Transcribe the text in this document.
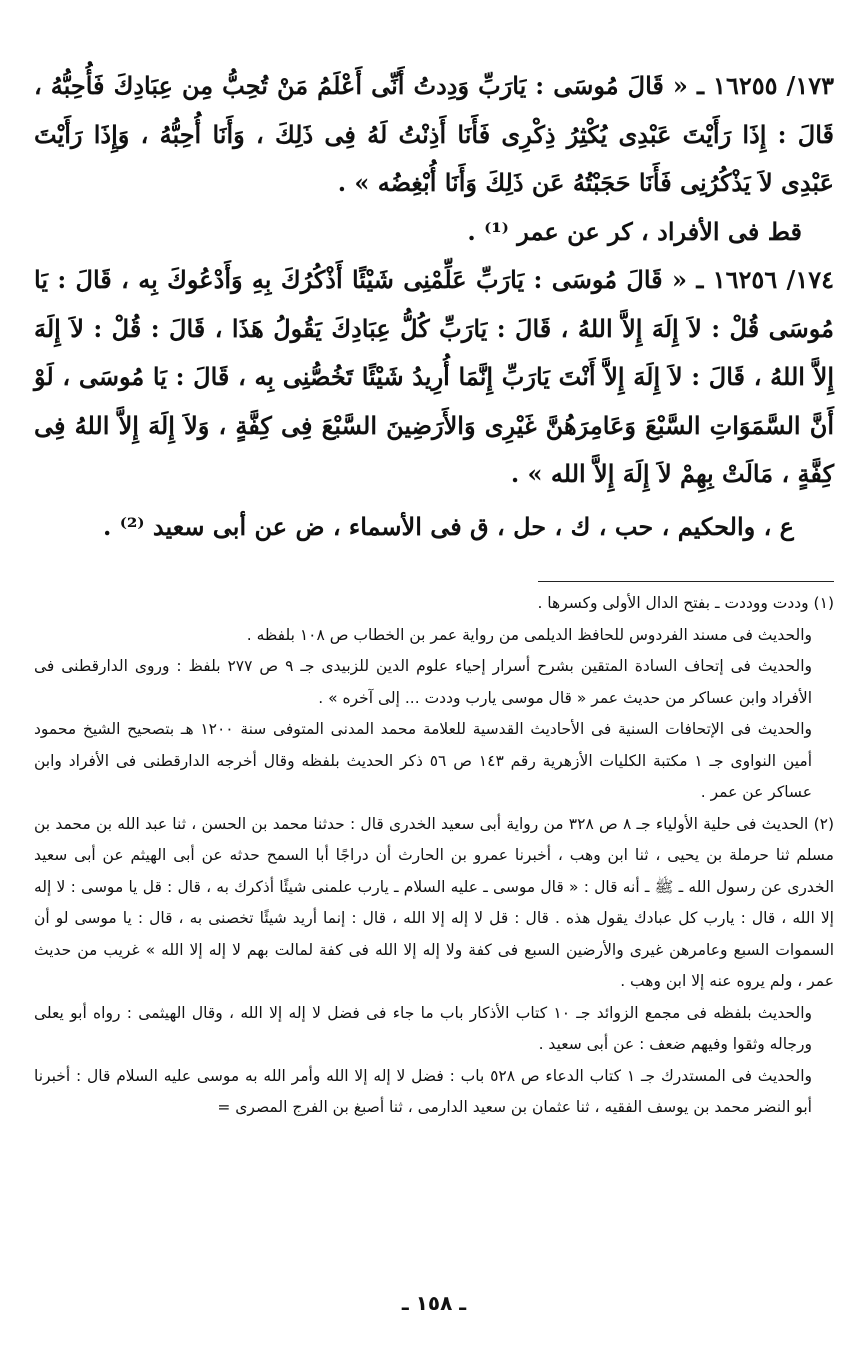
١٧٣/ ١٦٢٥٥ ـ « قَالَ مُوسَى : يَارَبِّ وَدِدتُ أَنِّى أَعْلَمُ مَنْ تُحِبُّ مِن عِبَادِكَ فَأُحِبُّهُ ، قَالَ : إِذَا رَأَيْتَ عَبْدِى يُكْثِرُ ذِكْرِى فَأَنَا أَذِنْتُ لَهُ فِى ذَلِكَ ، وَأَنَا أُحِبُّهُ ، وَإِذَا رَأَيْتَ عَبْدِى لاَ يَذْكُرُنِى فَأَنَا حَجَبْتُهُ عَن ذَلِكَ وَأَنَا أُبْغِضُه » .

قط فى الأفراد ، كر عن عمر ⁽¹⁾ .

١٧٤/ ١٦٢٥٦ ـ « قَالَ مُوسَى : يَارَبِّ عَلِّمْنِى شَيْئًا أَذْكُرُكَ بِهِ وَأَدْعُوكَ بِه ، قَالَ : يَا مُوسَى قُلْ : لاَ إِلَهَ إِلاَّ اللهُ ، قَالَ : يَارَبِّ كُلُّ عِبَادِكَ يَقُولُ هَذَا ، قَالَ : قُلْ : لاَ إِلَهَ إِلاَّ اللهُ ، قَالَ : لاَ إِلَهَ إِلاَّ أَنْتَ يَارَبِّ إِنَّمَا أُرِيدُ شَيْئًا تَخُصُّنِى بِه ، قَالَ : يَا مُوسَى ، لَوْ أَنَّ السَّمَوَاتِ السَّبْعَ وَعَامِرَهُنَّ غَيْرِى وَالأَرَضِينَ السَّبْعَ فِى كِفَّةٍ ، وَلاَ إِلَهَ إِلاَّ اللهُ فِى كِفَّةٍ ، مَالَتْ بِهِمْ لاَ إِلَهَ إِلاَّ الله » .

ع ، والحكيم ، حب ، ك ، حل ، ق فى الأسماء ، ض عن أبى سعيد ⁽²⁾ .

(١) وددت ووددت ـ بفتح الدال الأولى وكسرها .

والحديث فى مسند الفردوس للحافظ الديلمى من رواية عمر بن الخطاب ص ١٠٨ بلفظه .

والحديث فى إتحاف السادة المتقين بشرح أسرار إحياء علوم الدين للزبيدى جـ ٩ ص ٢٧٧ بلفظ : وروى الدارقطنى فى الأفراد وابن عساكر من حديث عمر « قال موسى يارب وددت ... إلى آخره » .

والحديث فى الإتحافات السنية فى الأحاديث القدسية للعلامة محمد المدنى المتوفى سنة ١٢٠٠ هـ بتصحيح الشيخ محمود أمين النواوى جـ ١ مكتبة الكليات الأزهرية رقم ١٤٣ ص ٥٦ ذكر الحديث بلفظه وقال أخرجه الدارقطنى فى الأفراد وابن عساكر عن عمر .

(٢) الحديث فى حلية الأولياء جـ ٨ ص ٣٢٨ من رواية أبى سعيد الخدرى قال : حدثنا محمد بن الحسن ، ثنا عبد الله بن محمد بن مسلم ثنا حرملة بن يحيى ، ثنا ابن وهب ، أخبرنا عمرو بن الحارث أن دراجًا أبا السمح حدثه عن أبى الهيثم عن أبى سعيد الخدرى عن رسول الله ـ ﷺ ـ أنه قال : « قال موسى ـ عليه السلام ـ يارب علمنى شيئًا أذكرك به ، قال : قل يا موسى : لا إله إلا الله ، قال : يارب كل عبادك يقول هذه . قال : قل لا إله إلا الله ، قال : إنما أريد شيئًا تخصنى به ، قال : يا موسى لو أن السموات السبع وعامرهن غيرى والأرضين السبع فى كفة ولا إله إلا الله فى كفة لمالت بهم لا إله إلا الله » غريب من حديث عمر ، ولم يروه عنه إلا ابن وهب .

والحديث بلفظه فى مجمع الزوائد جـ ١٠ كتاب الأذكار باب ما جاء فى فضل لا إله إلا الله ، وقال الهيثمى : رواه أبو يعلى ورجاله وثقوا وفيهم ضعف : عن أبى سعيد .

والحديث فى المستدرك جـ ١ كتاب الدعاء ص ٥٢٨ باب : فضل لا إله إلا الله وأمر الله به موسى عليه السلام قال : أخبرنا أبو النضر محمد بن يوسف الفقيه ، ثنا عثمان بن سعيد الدارمى ، ثنا أصبغ بن الفرج المصرى =

ـ ١٥٨ ـ
